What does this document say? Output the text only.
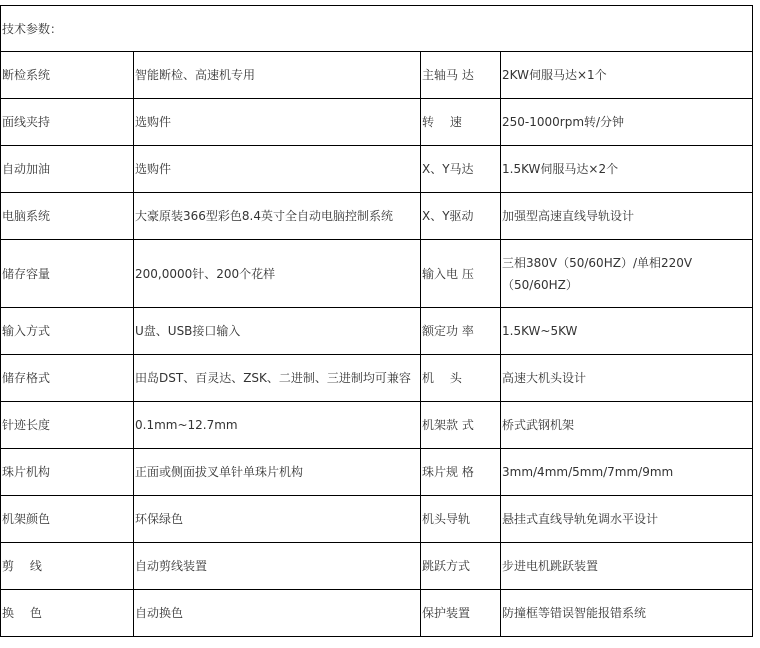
技术参数：			
断检系统	智能断检、高速机专用	主轴马 达	2KW伺服马达×1个
面线夹持	选购件	转　 速	250-1000rpm转/分钟
自动加油	选购件	X、Y马达	1.5KW伺服马达×2个
电脑系统	大豪原装366型彩色8.4英寸全自动电脑控制系统	X、Y驱动	加强型高速直线导轨设计
储存容量	200,0000针、200个花样	输入电 压	三相380V（50/60HZ）/单相220V（50/60HZ）
输入方式	U盘、USB接口输入	额定功 率	1.5KW~5KW
储存格式	田岛DST、百灵达、ZSK、二进制、三进制均可兼容	机　 头	高速大机头设计
针迹长度	0.1mm~12.7mm	机架款 式	桥式武钢机架
珠片机构	正面或侧面拔叉单针单珠片机构	珠片规 格	3mm/4mm/5mm/7mm/9mm
机架颜色	环保绿色	机头导轨	悬挂式直线导轨免调水平设计
剪　 线	自动剪线装置	跳跃方式	步进电机跳跃装置
换　 色	自动换色	保护装置	防撞框等错误智能报错系统
